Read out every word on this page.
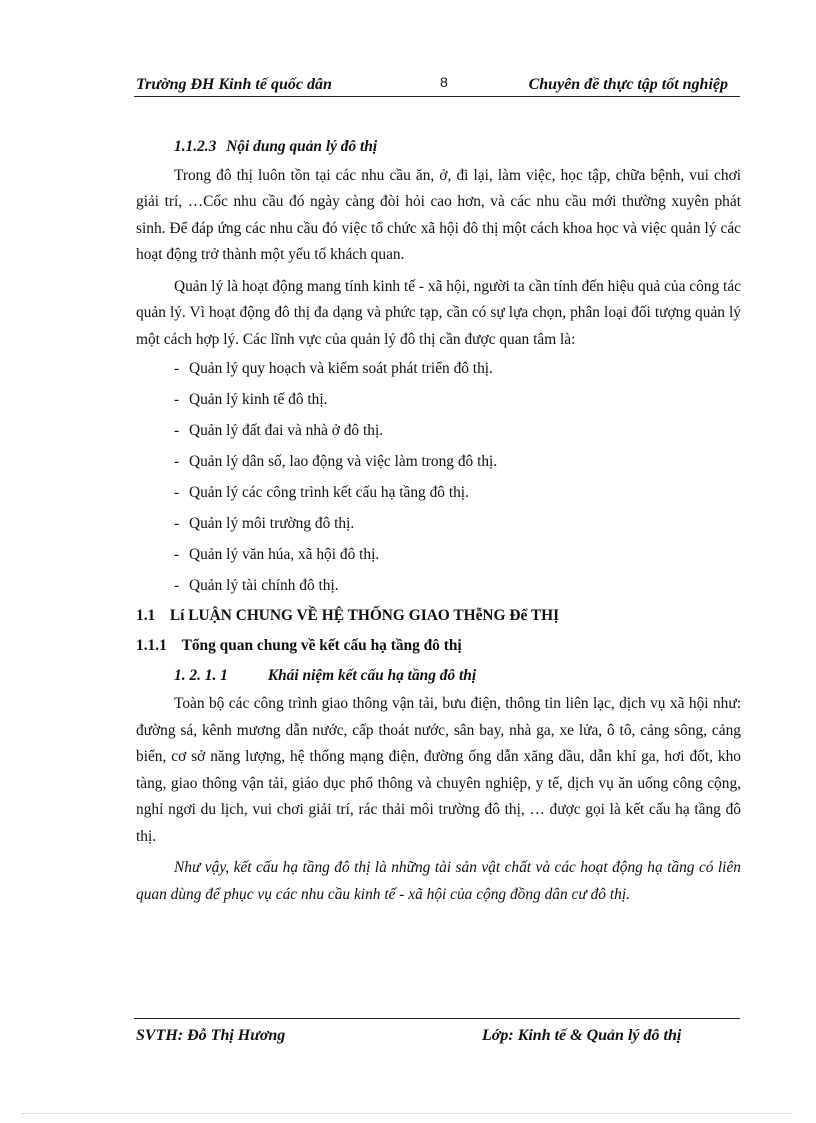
Trường ĐH Kinh tế quốc dân	8	Chuyên đề thực tập tốt nghiệp

1.1.2.3 Nội dung quản lý đô thị

Trong đô thị luôn tồn tại các nhu cầu ăn, ở, đi lại, làm việc, học tập, chữa bệnh, vui chơi giải trí, …Cốc nhu cầu đó ngày càng đòi hỏi cao hơn, và các nhu cầu mới thường xuyên phát sinh. Để đáp ứng các nhu cầu đó việc tổ chức xã hội đô thị một cách khoa học và việc quản lý các hoạt động trở thành một yếu tố khách quan.

Quản lý là hoạt động mang tính kinh tế - xã hội, người ta cần tính đến hiệu quả của công tác quản lý. Vì hoạt động đô thị đa dạng và phức tạp, cần có sự lựa chọn, phân loại đối tượng quản lý một cách hợp lý. Các lĩnh vực của quản lý đô thị cần được quan tâm là:

- Quản lý quy hoạch và kiểm soát phát triển đô thị.
- Quản lý kinh tế đô thị.
- Quản lý đất đai và nhà ở đô thị.
- Quản lý dân số, lao động và việc làm trong đô thị.
- Quản lý các công trình kết cấu hạ tầng đô thị.
- Quản lý môi trường đô thị.
- Quản lý văn húa, xã hội đô thị.
- Quản lý tài chính đô thị.

1.1 Lí LUẬN CHUNG VỀ HỆ THỐNG GIAO THễNG Để THỊ

1.1.1 Tổng quan chung về kết cấu hạ tầng đô thị

1. 2. 1. 1	Khái niệm kết cấu hạ tầng đô thị

Toàn bộ các công trình giao thông vận tải, bưu điện, thông tin liên lạc, dịch vụ xã hội như: đường sá, kênh mương dẫn nước, cấp thoát nước, sân bay, nhà ga, xe lửa, ô tô, cảng sông, cảng biển, cơ sở năng lượng, hệ thống mạng điện, đường ống dẫn xăng dầu, dẫn khí ga, hơi đốt, kho tàng, giao thông vận tải, giáo dục phổ thông và chuyên nghiệp, y tế, dịch vụ ăn uống công cộng, nghỉ ngơi du lịch, vui chơi giải trí, rác thải môi trường đô thị, … được gọi là kết cấu hạ tầng đô thị.

Như vậy, kết cấu hạ tầng đô thị là những tài sản vật chất và các hoạt động hạ tầng có liên quan dùng để phục vụ các nhu cầu kinh tế - xã hội của cộng đồng dân cư đô thị.

SVTH: Đỗ Thị Hương	Lớp: Kinh tế & Quản lý đô thị
